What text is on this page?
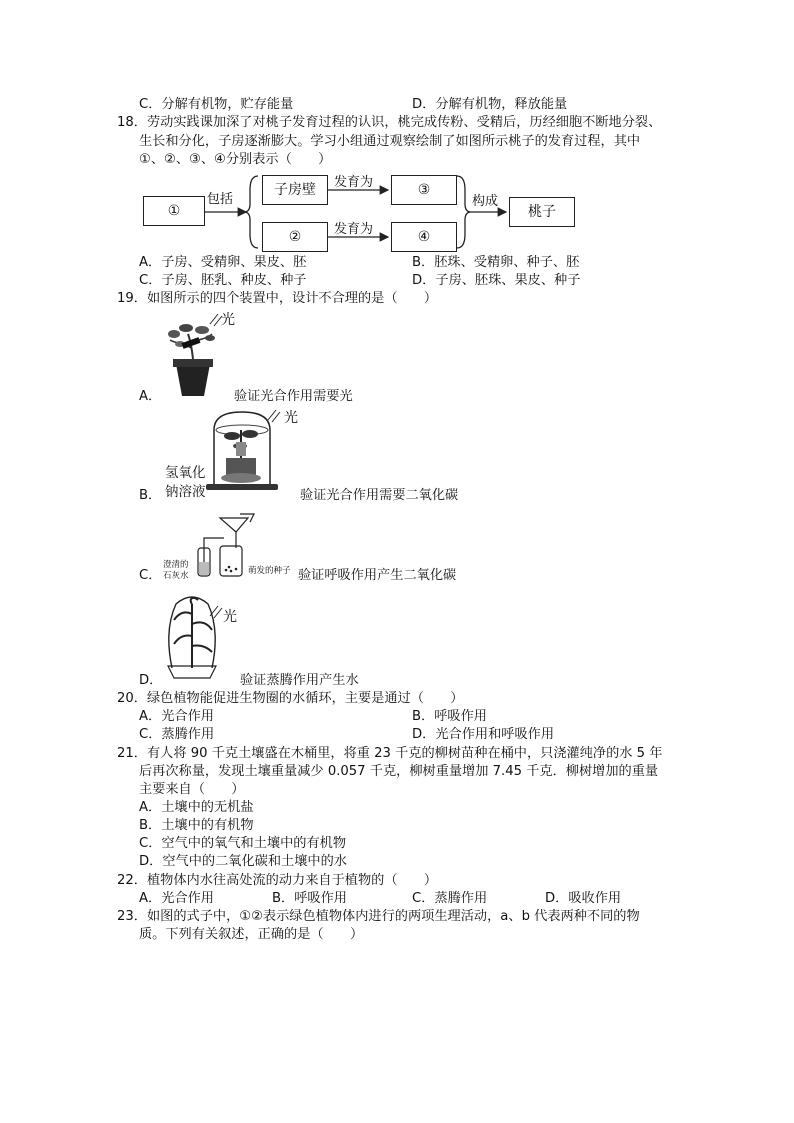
C．分解有机物，贮存能量	D．分解有机物，释放能量
18．劳动实践课加深了对桃子发育过程的认识，桃完成传粉、受精后，历经细胞不断地分裂、
生长和分化，子房逐渐膨大。学习小组通过观察绘制了如图所示桃子的发育过程，其中
①、②、③、④分别表示（　　）
①
包括
子房壁	发育为	③
②	发育为	④
构成
桃子
A．子房、受精卵、果皮、胚	B．胚珠、受精卵、种子、胚
C．子房、胚乳、种皮、种子	D．子房、胚珠、果皮、种子
19．如图所示的四个装置中，设计不合理的是（　　）
光
A．	验证光合作用需要光
光
氢氧化
钠溶液
B．	验证光合作用需要二氧化碳
澄清的
石灰水	萌发的种子
C．	验证呼吸作用产生二氧化碳
光
D．	验证蒸腾作用产生水
20．绿色植物能促进生物圈的水循环，主要是通过（　　）
A．光合作用	B．呼吸作用
C．蒸腾作用	D．光合作用和呼吸作用
21．有人将 90 千克土壤盛在木桶里，将重 23 千克的柳树苗种在桶中，只浇灌纯净的水 5 年
后再次称量，发现土壤重量减少 0.057 千克，柳树重量增加 7.45 千克．柳树增加的重量
主要来自（　　）
A．土壤中的无机盐
B．土壤中的有机物
C．空气中的氧气和土壤中的有机物
D．空气中的二氧化碳和土壤中的水
22．植物体内水往高处流的动力来自于植物的（　　）
A．光合作用	B．呼吸作用	C．蒸腾作用	D．吸收作用
23．如图的式子中，①②表示绿色植物体内进行的两项生理活动，a、b 代表两种不同的物
质。下列有关叙述，正确的是（　　）
